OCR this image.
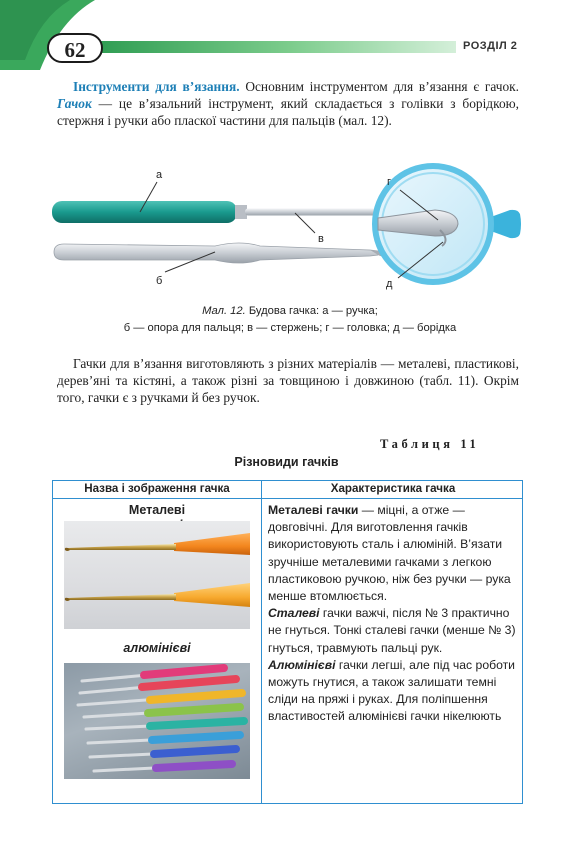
62	РОЗДІЛ 2

Інструменти для в’язання. Основним інструментом для в’язання є гачок. Гачок — це в’язальний інструмент, який складається з голівки з борідкою, стержня і ручки або пласкої частини для пальців (мал. 12).

а
в
б
г
д
Мал. 12. Будова гачка: а — ручка;
б — опора для пальця; в — стержень; г — головка; д — борідка

Гачки для в’язання виготовляють з різних матеріалів — металеві, пластикові, дерев’яні та кістяні, а також різні за товщиною і довжиною (табл. 11). Окрім того, гачки є з ручками й без ручок.

Таблиця 11
Різновиди гачків
Назва і зображення гачка	Характеристика гачка
Металеві
сталеві
алюмінієві

Металеві гачки — міцні, а отже — довговічні. Для виготовлення гачків використовують сталь і алюміній. В’язати зручніше металевими гачками з легкою пластиковою ручкою, ніж без ручки — рука менше втомлюється.

Сталеві гачки важчі, після № 3 практично не гнуться. Тонкі сталеві гачки (менше № 3) гнуться, травмують пальці рук.

Алюмінієві гачки легші, але під час роботи можуть гнутися, а також залишати темні сліди на пряжі і руках. Для поліпшення властивостей алюмінієві гачки нікелюють
